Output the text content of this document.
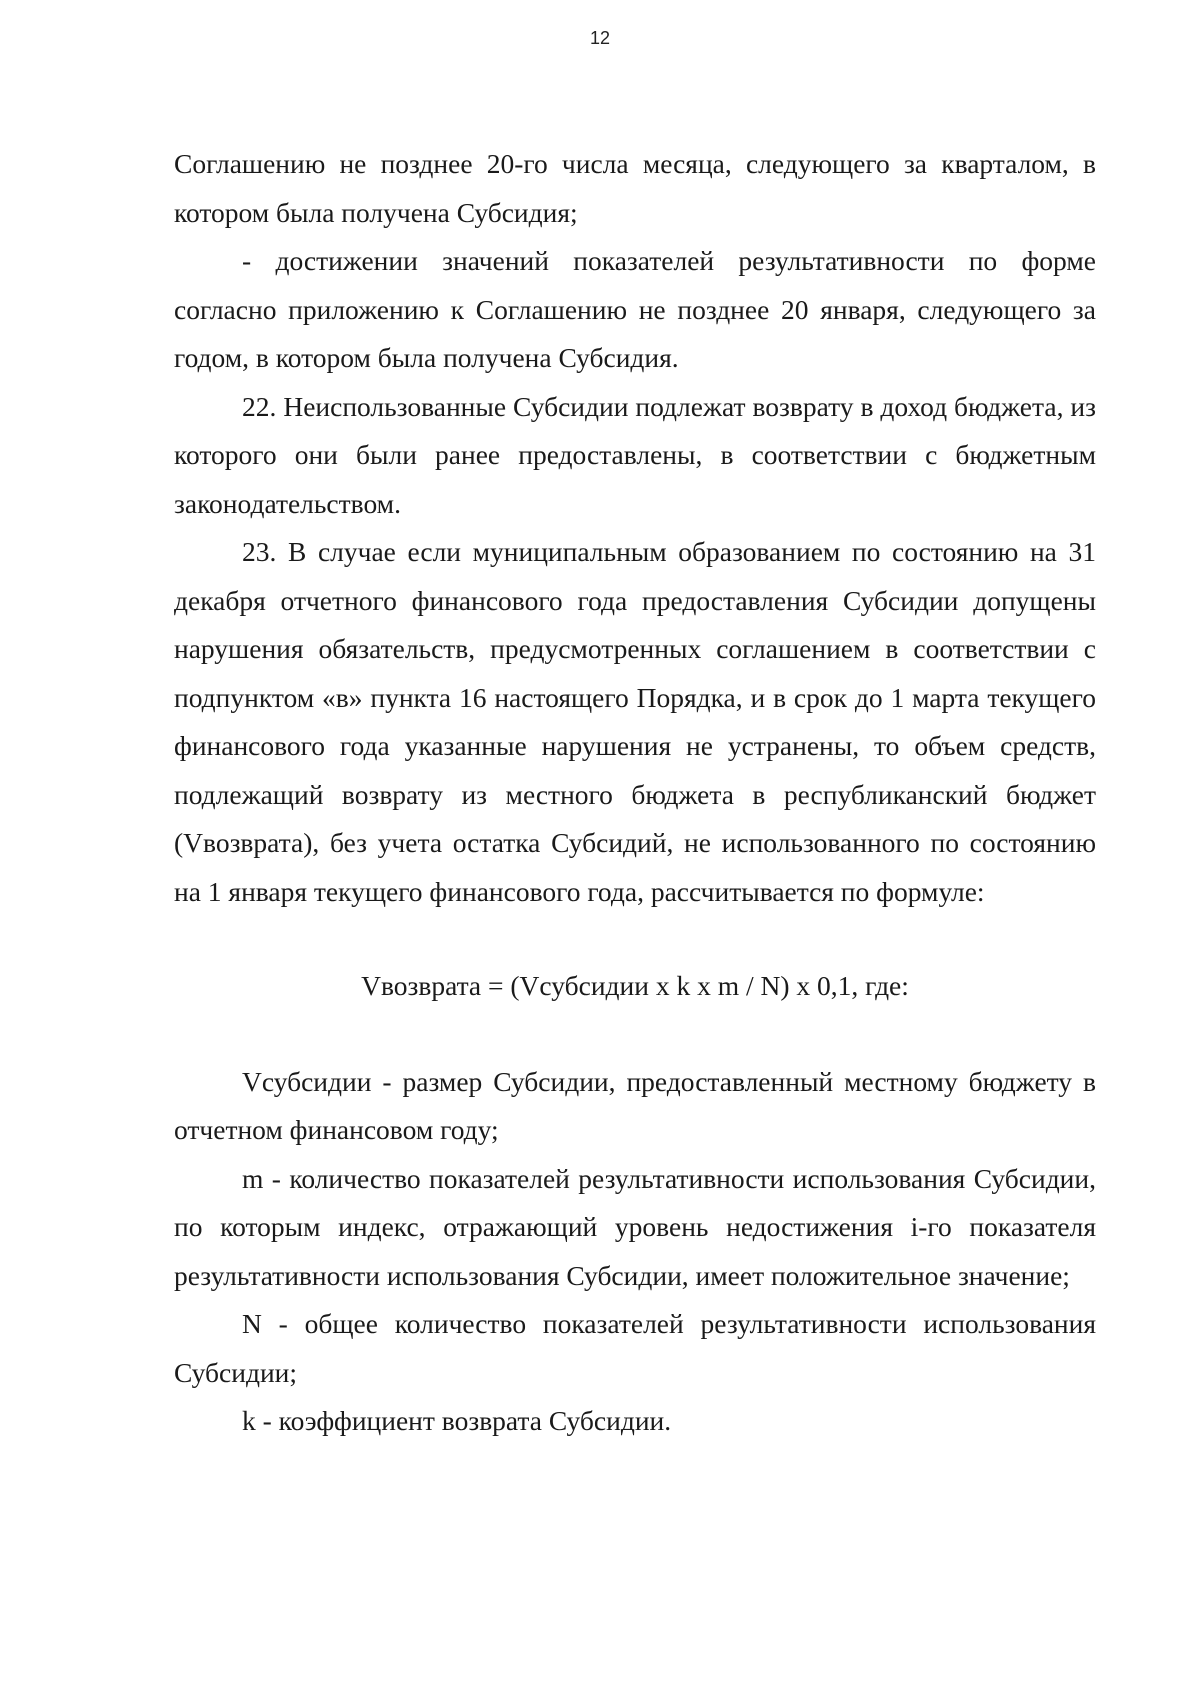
12

Соглашению не позднее 20-го числа месяца, следующего за кварталом, в котором была получена Субсидия;

- достижении значений показателей результативности по форме согласно приложению к Соглашению не позднее 20 января, следующего за годом, в котором была получена Субсидия.

22. Неиспользованные Субсидии подлежат возврату в доход бюджета, из которого они были ранее предоставлены, в соответствии с бюджетным законодательством.

23. В случае если муниципальным образованием по состоянию на 31 декабря отчетного финансового года предоставления Субсидии допущены нарушения обязательств, предусмотренных соглашением в соответствии с подпунктом «в» пункта 16 настоящего Порядка, и в срок до 1 марта текущего финансового года указанные нарушения не устранены, то объем средств, подлежащий возврату из местного бюджета в республиканский бюджет (Vвозврата), без учета остатка Субсидий, не использованного по состоянию на 1 января текущего финансового года, рассчитывается по формуле:

Vвозврата = (Vсубсидии x k x m / N) x 0,1, где:

Vсубсидии - размер Субсидии, предоставленный местному бюджету в отчетном финансовом году;

m - количество показателей результативности использования Субсидии, по которым индекс, отражающий уровень недостижения i-го показателя результативности использования Субсидии, имеет положительное значение;

N - общее количество показателей результативности использования Субсидии;

k - коэффициент возврата Субсидии.
